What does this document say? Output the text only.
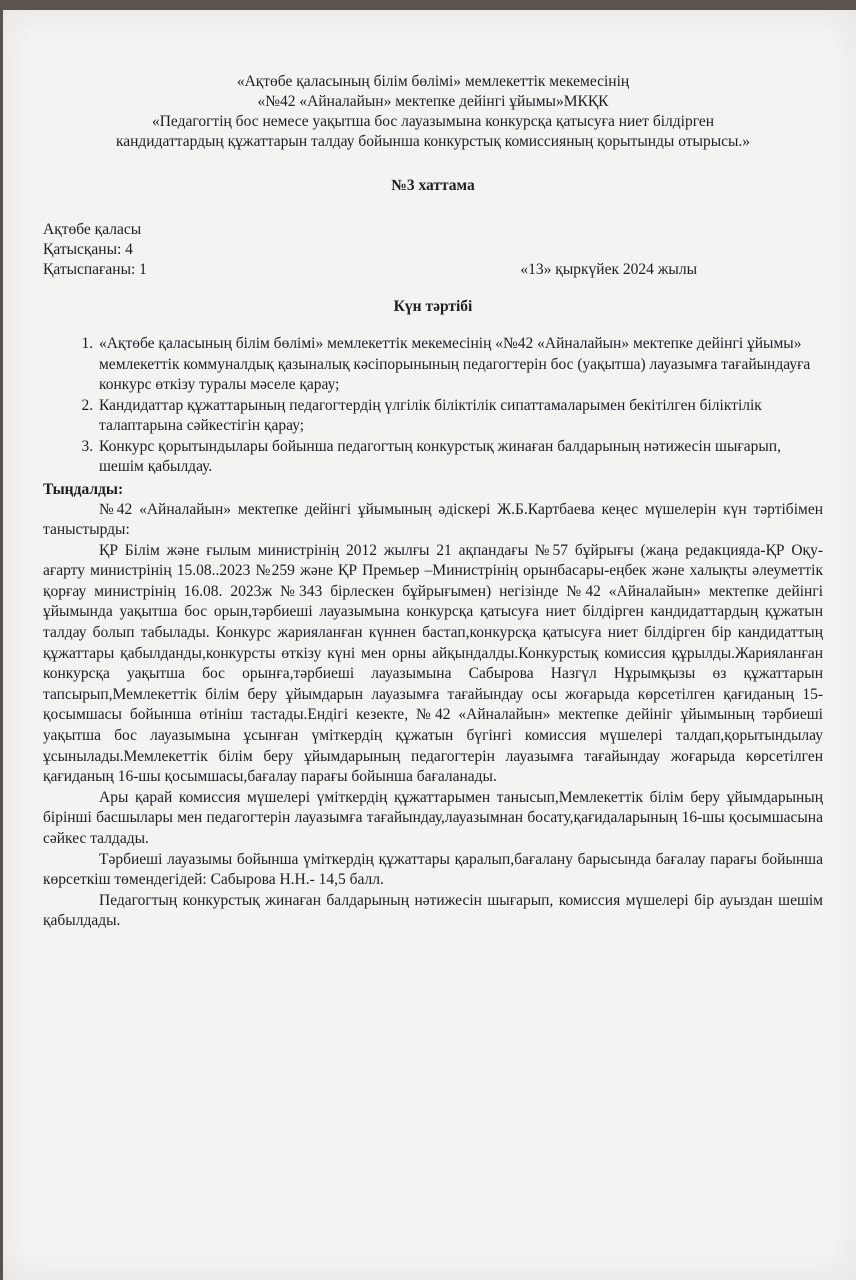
«Ақтөбе қаласының білім бөлімі» мемлекеттік мекемесінің

«№42 «Айналайын» мектепке дейінгі ұйымы»МКҚК

«Педагогтің бос немесе уақытша бос лауазымына конкурсқа қатысуға ниет білдірген

кандидаттардың құжаттарын талдау бойынша конкурстық комиссияның қорытынды отырысы.»

№3 хаттама
Ақтөбе қаласы
Қатысқаны: 4
Қатыспағаны: 1	«13» қыркүйек 2024 жылы
Күн тәртібі
1. «Ақтөбе қаласының білім бөлімі» мемлекеттік мекемесінің «№42 «Айналайын» мектепке дейінгі ұйымы» мемлекеттік коммуналдық қазыналық кәсіпорынының педагогтерін бос (уақытша) лауазымға тағайындауға конкурс өткізу туралы мәселе қарау;
2. Кандидаттар құжаттарының педагогтердің үлгілік біліктілік сипаттамаларымен бекітілген біліктілік талаптарына сәйкестігін қарау;
3. Конкурс қорытындылары бойынша педагогтың конкурстық жинаған балдарының нәтижесін шығарып, шешім қабылдау.
Тыңдалды:

№42 «Айналайын» мектепке дейінгі ұйымының әдіскері Ж.Б.Картбаева кеңес мүшелерін күн тәртібімен таныстырды:

ҚР Білім және ғылым министрінің 2012 жылғы 21 ақпандағы №57 бұйрығы (жаңа редакцияда-ҚР Оқу-ағарту министрінің 15.08..2023 №259 және ҚР Премьер –Министрінің орынбасары-еңбек және халықты әлеуметтік қорғау министрінің 16.08. 2023ж №343 бірлескен бұйрығымен) негізінде №42 «Айналайын» мектепке дейінгі ұйымында уақытша бос орын,тәрбиеші лауазымына конкурсқа қатысуға ниет білдірген кандидаттардың құжатын талдау болып табылады. Конкурс жарияланған күннен бастап,конкурсқа қатысуға ниет білдірген бір кандидаттың құжаттары қабылданды,конкурсты өткізу күні мен орны айқындалды.Конкурстық комиссия құрылды.Жарияланған конкурсқа уақытша бос орынға,тәрбиеші лауазымына Сабырова Назгүл Нұрымқызы өз құжаттарын тапсырып,Мемлекеттік білім беру ұйымдарын лауазымға тағайындау осы жоғарыда көрсетілген қағиданың 15-қосымшасы бойынша өтініш тастады.Ендігі кезекте, №42 «Айналайын» мектепке дейініг ұйымының тәрбиеші уақытша бос лауазымына ұсынған үміткердің құжатын бүгінгі комиссия мүшелері талдап,қорытындылау ұсынылады.Мемлекеттік білім беру ұйымдарының педагогтерін лауазымға тағайындау жоғарыда көрсетілген қағиданың 16-шы қосымшасы,бағалау парағы бойынша бағаланады.

Ары қарай комиссия мүшелері үміткердің құжаттарымен танысып,Мемлекеттік білім беру ұйымдарының бірінші басшылары мен педагогтерін лауазымға тағайындау,лауазымнан босату,қағидаларының 16-шы қосымшасына сәйкес талдады.

Тәрбиеші лауазымы бойынша үміткердің құжаттары қаралып,бағалану барысында бағалау парағы бойынша көрсеткіш төмендегідей: Сабырова Н.Н.- 14,5 балл.

Педагогтың конкурстық жинаған балдарының нәтижесін шығарып, комиссия мүшелері бір ауыздан шешім қабылдады.
